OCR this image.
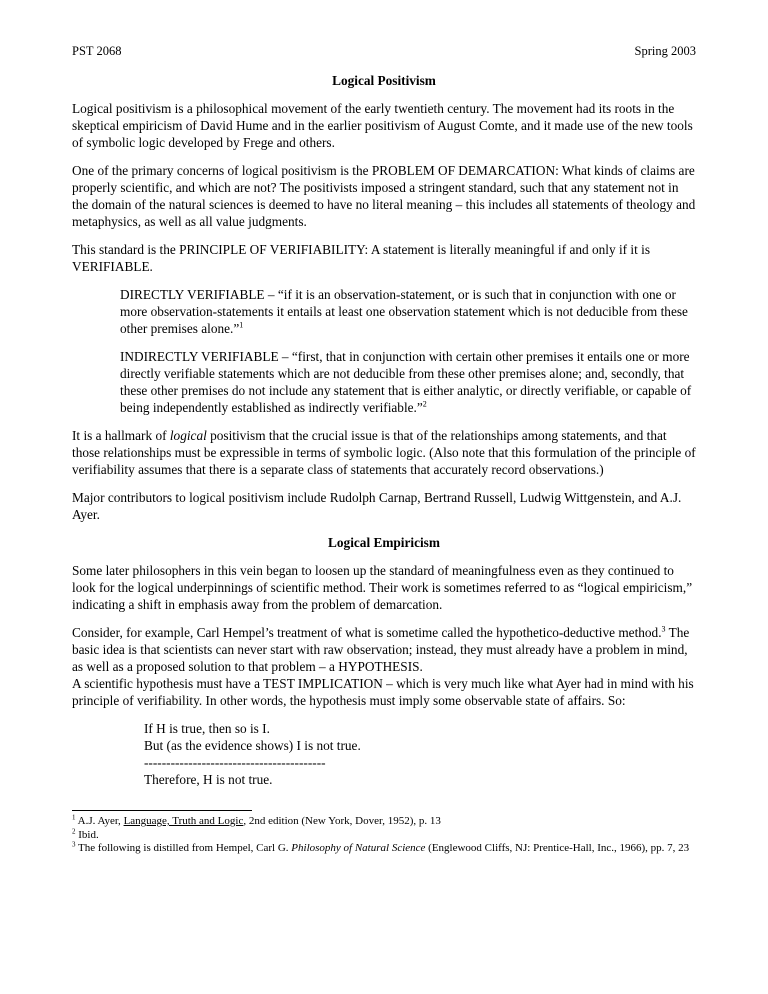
PST 2068	Spring 2003
Logical Positivism

Logical positivism is a philosophical movement of the early twentieth century. The movement had its roots in the skeptical empiricism of David Hume and in the earlier positivism of August Comte, and it made use of the new tools of symbolic logic developed by Frege and others.

One of the primary concerns of logical positivism is the PROBLEM OF DEMARCATION: What kinds of claims are properly scientific, and which are not? The positivists imposed a stringent standard, such that any statement not in the domain of the natural sciences is deemed to have no literal meaning – this includes all statements of theology and metaphysics, as well as all value judgments.

This standard is the PRINCIPLE OF VERIFIABILITY: A statement is literally meaningful if and only if it is VERIFIABLE.

DIRECTLY VERIFIABLE – “if it is an observation-statement, or is such that in conjunction with one or more observation-statements it entails at least one observation statement which is not deducible from these other premises alone.”$^1$

INDIRECTLY VERIFIABLE – “first, that in conjunction with certain other premises it entails one or more directly verifiable statements which are not deducible from these other premises alone; and, secondly, that these other premises do not include any statement that is either analytic, or directly verifiable, or capable of being independently established as indirectly verifiable.”$^2$

It is a hallmark of logical positivism that the crucial issue is that of the relationships among statements, and that those relationships must be expressible in terms of symbolic logic. (Also note that this formulation of the principle of verifiability assumes that there is a separate class of statements that accurately record observations.)

Major contributors to logical positivism include Rudolph Carnap, Bertrand Russell, Ludwig Wittgenstein, and A.J. Ayer.

Logical Empiricism

Some later philosophers in this vein began to loosen up the standard of meaningfulness even as they continued to look for the logical underpinnings of scientific method. Their work is sometimes referred to as “logical empiricism,” indicating a shift in emphasis away from the problem of demarcation.

Consider, for example, Carl Hempel’s treatment of what is sometime called the hypothetico-deductive method.$^3$ The basic idea is that scientists can never start with raw observation; instead, they must already have a problem in mind, as well as a proposed solution to that problem – a HYPOTHESIS.

A scientific hypothesis must have a TEST IMPLICATION – which is very much like what Ayer had in mind with his principle of verifiability. In other words, the hypothesis must imply some observable state of affairs. So:

If H is true, then so is I.
But (as the evidence shows) I is not true.
-----------------------------------------
Therefore, H is not true.
$^1$ A.J. Ayer, Language, Truth and Logic, 2nd edition (New York, Dover, 1952), p. 13
$^2$ Ibid.
$^3$ The following is distilled from Hempel, Carl G. Philosophy of Natural Science (Englewood Cliffs, NJ: Prentice-Hall, Inc., 1966), pp. 7, 23
